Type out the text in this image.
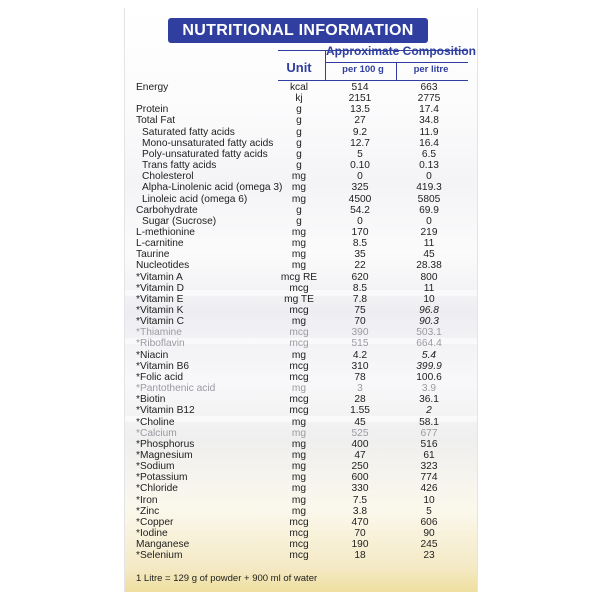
NUTRITIONAL INFORMATION
Unit
Approximate Composition
per 100 g	per litre
Energy	kcal	514	663
kj	2151	2775
Protein	g	13.5	17.4
Total Fat	g	27	34.8
Saturated fatty acids	g	9.2	11.9
Mono-unsaturated fatty acids	g	12.7	16.4
Poly-unsaturated fatty acids	g	5	6.5
Trans fatty acids	g	0.10	0.13
Cholesterol	mg	0	0
Alpha-Linolenic acid (omega 3) mg	325	419.3
Linoleic acid (omega 6)	mg	4500	5805
Carbohydrate	g	54.2	69.9
Sugar (Sucrose)	g	0	0
L-methionine	mg	170	219
L-carnitine	mg	8.5	11
Taurine	mg	35	45
Nucleotides	mg	22	28.38
*Vitamin A	mcg RE	620	800
*Vitamin D	mcg	8.5	11
*Vitamin E	mg TE	7.8	10
*Vitamin K	mcg	75	96.8
*Vitamin C	mg	70	90.3
*Thiamine	mcg	390	503.1
*Riboflavin	mcg	515	664.4
*Niacin	mg	4.2	5.4
*Vitamin B6	mcg	310	399.9
*Folic acid	mcg	78	100.6
*Pantothenic acid	mg	3	3.9
*Biotin	mcg	28	36.1
*Vitamin B12	mcg	1.55	2
*Choline	mg	45	58.1
*Calcium	mg	525	677
*Phosphorus	mg	400	516
*Magnesium	mg	47	61
*Sodium	mg	250	323
*Potassium	mg	600	774
*Chloride	mg	330	426
*Iron	mg	7.5	10
*Zinc	mg	3.8	5
*Copper	mcg	470	606
*Iodine	mcg	70	90
Manganese	mcg	190	245
*Selenium	mcg	18	23
1 Litre = 129 g of powder + 900 ml of water
